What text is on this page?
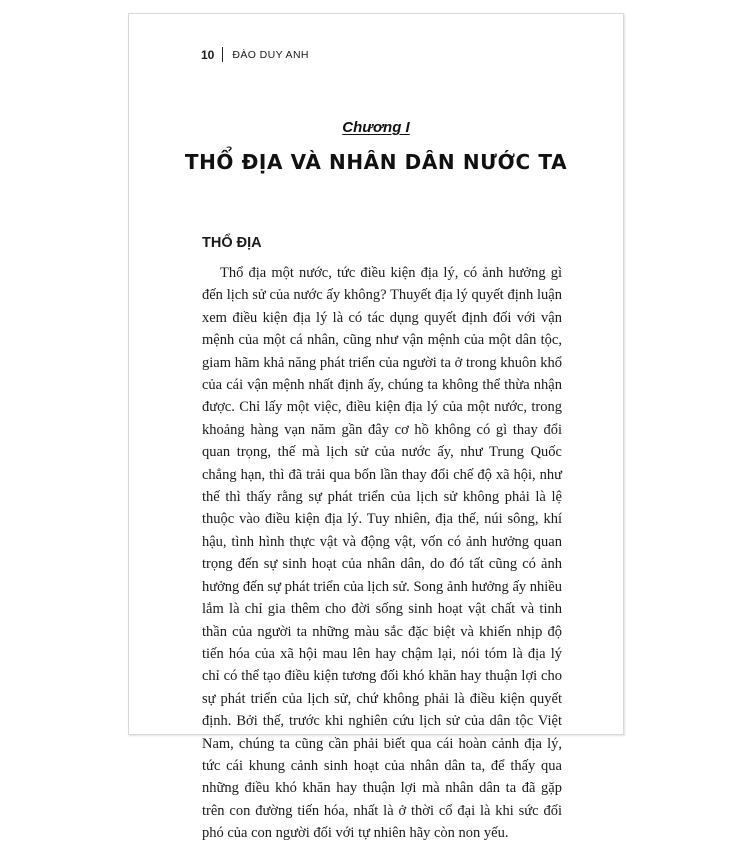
10 ĐÀO DUY ANH
Chương I
THỔ ĐỊA VÀ NHÂN DÂN NƯỚC TA
THỔ ĐỊA

Thổ địa một nước, tức điều kiện địa lý, có ảnh hưởng gì đến lịch sử của nước ấy không? Thuyết địa lý quyết định luận xem điều kiện địa lý là có tác dụng quyết định đối với vận mệnh của một cá nhân, cũng như vận mệnh của một dân tộc, giam hãm khả năng phát triển của người ta ở trong khuôn khổ của cái vận mệnh nhất định ấy, chúng ta không thể thừa nhận được. Chỉ lấy một việc, điều kiện địa lý của một nước, trong khoảng hàng vạn năm gần đây cơ hồ không có gì thay đổi quan trọng, thế mà lịch sử của nước ấy, như Trung Quốc chẳng hạn, thì đã trải qua bốn lần thay đổi chế độ xã hội, như thế thì thấy rằng sự phát triển của lịch sử không phải là lệ thuộc vào điều kiện địa lý. Tuy nhiên, địa thế, núi sông, khí hậu, tình hình thực vật và động vật, vốn có ảnh hưởng quan trọng đến sự sinh hoạt của nhân dân, do đó tất cũng có ảnh hưởng đến sự phát triển của lịch sử. Song ảnh hưởng ấy nhiều lắm là chỉ gia thêm cho đời sống sinh hoạt vật chất và tinh thần của người ta những màu sắc đặc biệt và khiến nhịp độ tiến hóa của xã hội mau lên hay chậm lại, nói tóm là địa lý chỉ có thể tạo điều kiện tương đối khó khăn hay thuận lợi cho sự phát triển của lịch sử, chứ không phải là điều kiện quyết định. Bởi thế, trước khi nghiên cứu lịch sử của dân tộc Việt Nam, chúng ta cũng cần phải biết qua cái hoàn cảnh địa lý, tức cái khung cảnh sinh hoạt của nhân dân ta, để thấy qua những điều khó khăn hay thuận lợi mà nhân dân ta đã gặp trên con đường tiến hóa, nhất là ở thời cổ đại là khi sức đối phó của con người đối với tự nhiên hãy còn non yếu.
